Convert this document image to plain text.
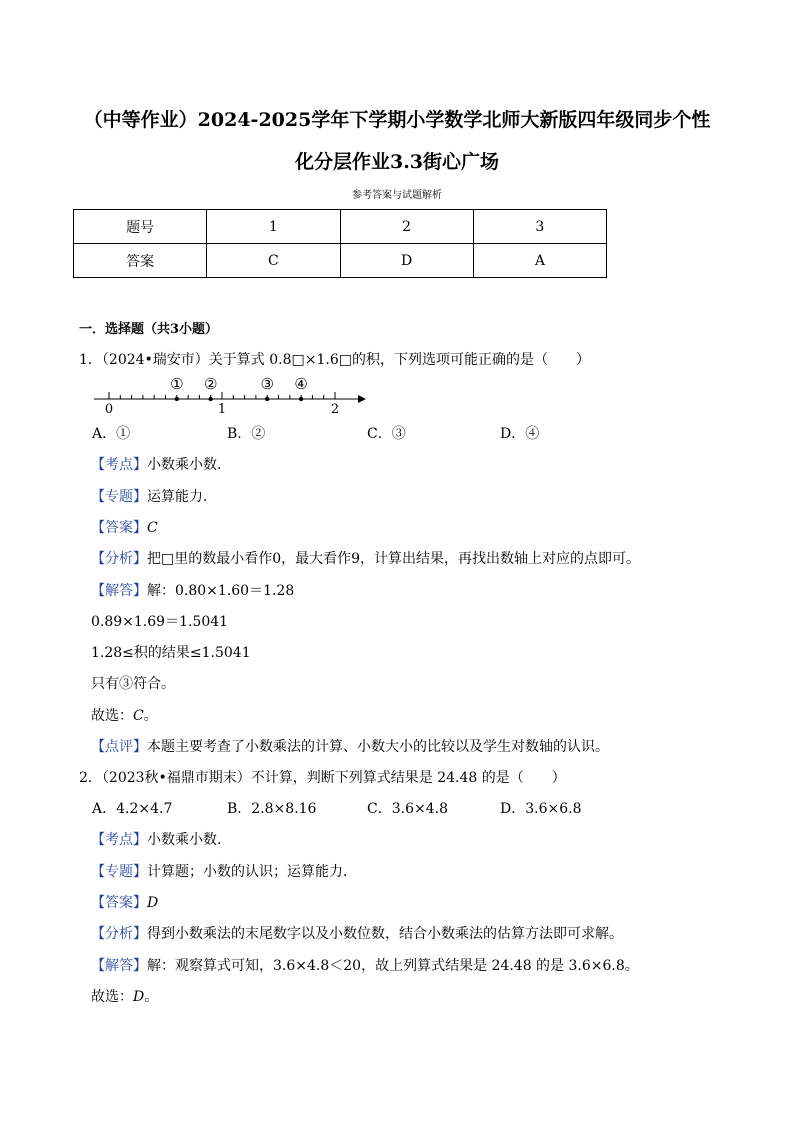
（中等作业）2024-2025学年下学期小学数学北师大新版四年级同步个性
化分层作业3.3街心广场
参考答案与试题解析
题号	1	2	3
答案	C	D	A
一．选择题（共3小题）
1．（2024•瑞安市）关于算式 0.8□×1.6□的积，下列选项可能正确的是（　　）
0	1	2
① ②	③ ④
A．①	B．②	C．③	D．④
【考点】小数乘小数．
【专题】运算能力．
【答案】C
【分析】把□里的数最小看作0，最大看作9，计算出结果，再找出数轴上对应的点即可。
【解答】解：0.80×1.60＝1.28
0.89×1.69＝1.5041
1.28≤积的结果≤1.5041
只有③符合。
故选：C。
【点评】本题主要考查了小数乘法的计算、小数大小的比较以及学生对数轴的认识。
2．（2023秋•福鼎市期末）不计算，判断下列算式结果是 24.48 的是（　　）
A．4.2×4.7	B．2.8×8.16	C．3.6×4.8	D．3.6×6.8
【考点】小数乘小数．
【专题】计算题；小数的认识；运算能力．
【答案】D
【分析】得到小数乘法的末尾数字以及小数位数，结合小数乘法的估算方法即可求解。
【解答】解：观察算式可知，3.6×4.8＜20，故上列算式结果是 24.48 的是 3.6×6.8。
故选：D。
